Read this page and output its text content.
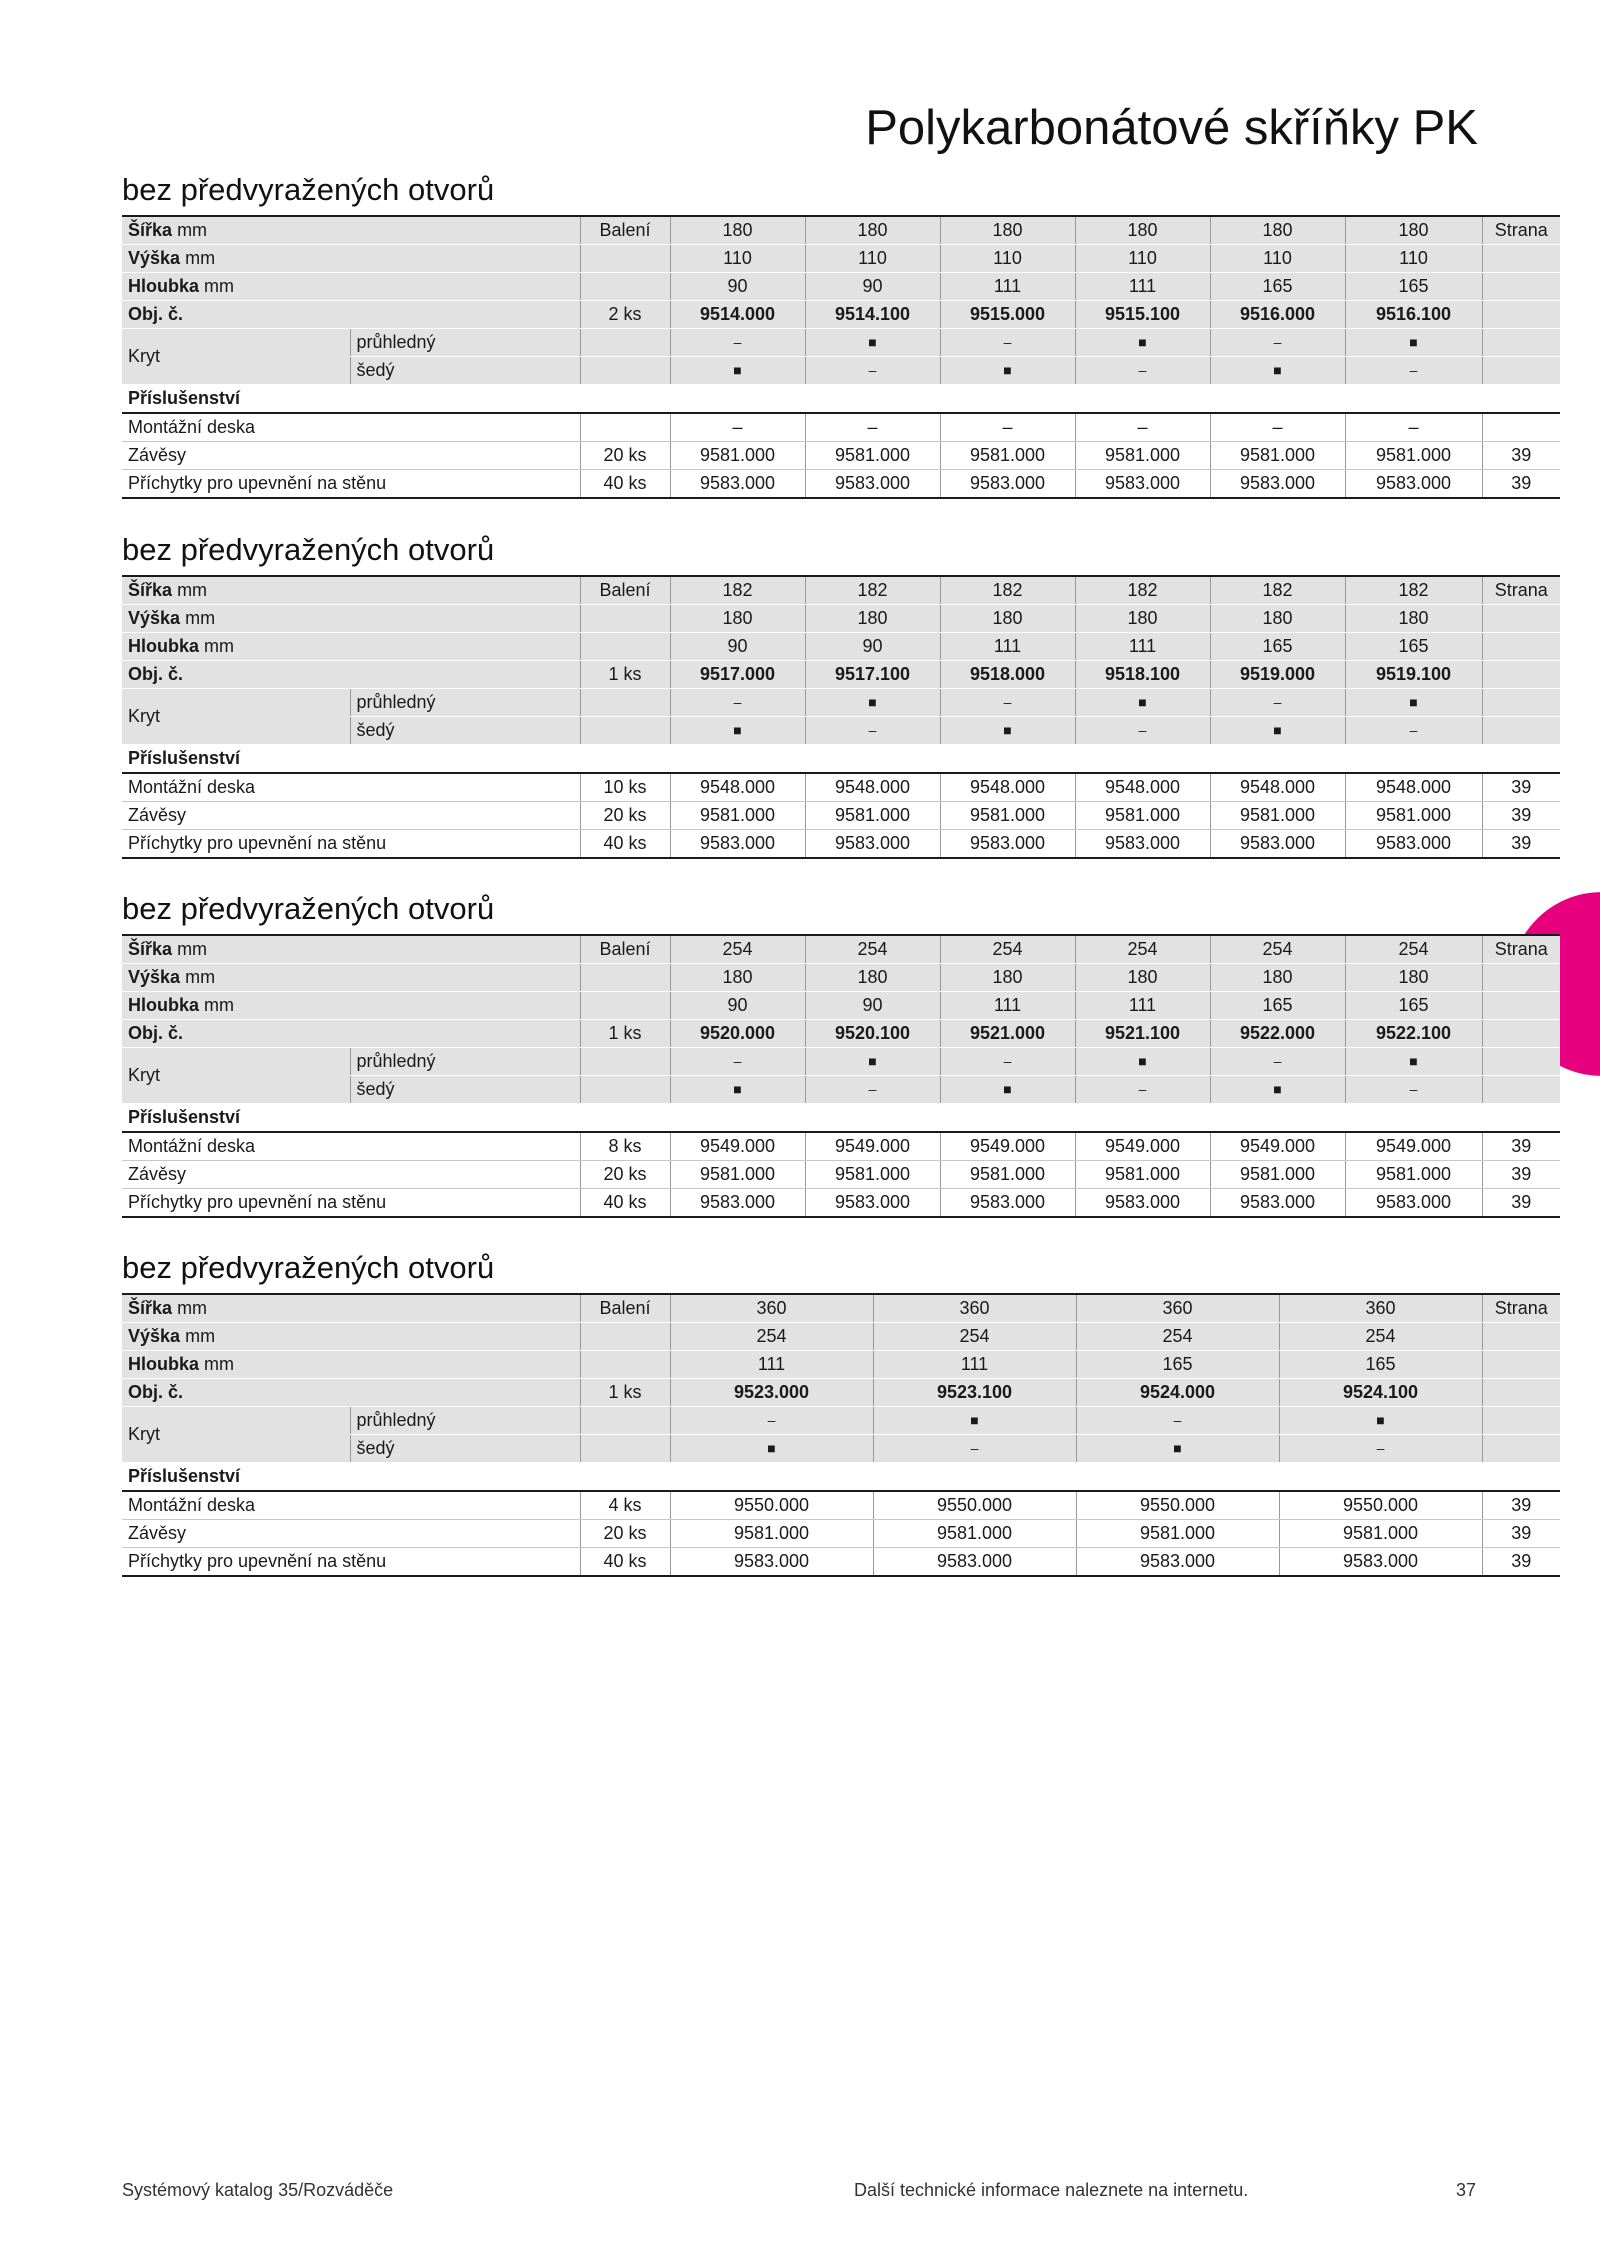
Polykarbonátové skříňky PK
bez předvyražených otvorů
Šířka mm		Balení	180	180	180	180	180	180	Strana
Výška mm			110	110	110	110	110	110	
Hloubka mm			90	90	111	111	165	165	
Obj. č.		2 ks	9514.000	9514.100	9515.000	9515.100	9516.000	9516.100	
Kryt	průhledný		–	■	–	■	–	■	
	šedý		■	–	■	–	■	–	
Příslušenství									
Montážní deska			–	–	–	–	–	–	
Závěsy		20 ks	9581.000	9581.000	9581.000	9581.000	9581.000	9581.000	39
Příchytky pro upevnění na stěnu		40 ks	9583.000	9583.000	9583.000	9583.000	9583.000	9583.000	39
bez předvyražených otvorů
Šířka mm		Balení	182	182	182	182	182	182	Strana
Výška mm			180	180	180	180	180	180	
Hloubka mm			90	90	111	111	165	165	
Obj. č.		1 ks	9517.000	9517.100	9518.000	9518.100	9519.000	9519.100	
Kryt	průhledný		–	■	–	■	–	■	
	šedý		■	–	■	–	■	–	
Příslušenství									
Montážní deska		10 ks	9548.000	9548.000	9548.000	9548.000	9548.000	9548.000	39
Závěsy		20 ks	9581.000	9581.000	9581.000	9581.000	9581.000	9581.000	39
Příchytky pro upevnění na stěnu		40 ks	9583.000	9583.000	9583.000	9583.000	9583.000	9583.000	39
bez předvyražených otvorů
Šířka mm		Balení	254	254	254	254	254	254	Strana
Výška mm			180	180	180	180	180	180	
Hloubka mm			90	90	111	111	165	165	
Obj. č.		1 ks	9520.000	9520.100	9521.000	9521.100	9522.000	9522.100	
Kryt	průhledný		–	■	–	■	–	■	
	šedý		■	–	■	–	■	–	
Příslušenství									
Montážní deska		8 ks	9549.000	9549.000	9549.000	9549.000	9549.000	9549.000	39
Závěsy		20 ks	9581.000	9581.000	9581.000	9581.000	9581.000	9581.000	39
Příchytky pro upevnění na stěnu		40 ks	9583.000	9583.000	9583.000	9583.000	9583.000	9583.000	39
bez předvyražených otvorů
Šířka mm		Balení	360	360	360	360	Strana
Výška mm			254	254	254	254	
Hloubka mm			111	111	165	165	
Obj. č.		1 ks	9523.000	9523.100	9524.000	9524.100	
Kryt	průhledný		–	■	–	■	
	šedý		■	–	■	–	
Příslušenství							
Montážní deska		4 ks	9550.000	9550.000	9550.000	9550.000	39
Závěsy		20 ks	9581.000	9581.000	9581.000	9581.000	39
Příchytky pro upevnění na stěnu		40 ks	9583.000	9583.000	9583.000	9583.000	39
Systémový katalog 35/Rozváděče	Další technické informace naleznete na internetu.	37
